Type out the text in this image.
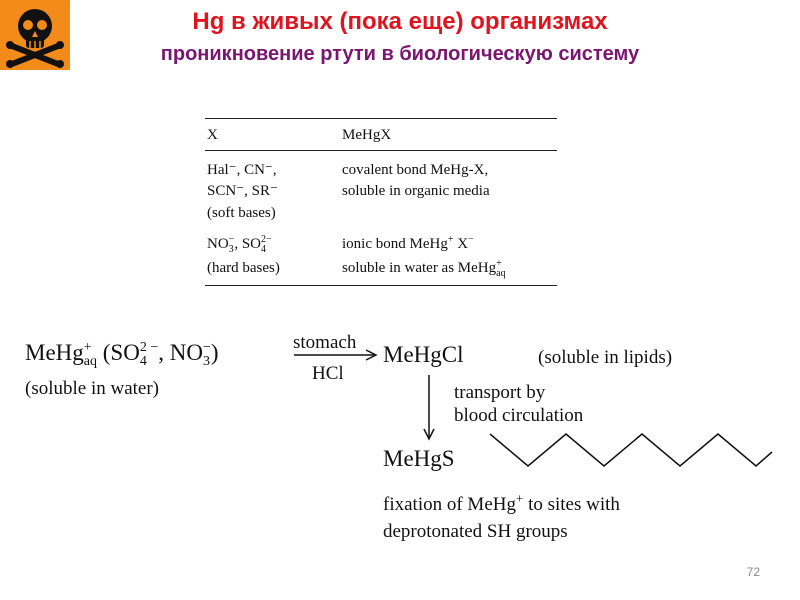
Hg в живых (пока еще) организмах
проникновение ртути в биологическую систему
X	MeHgX
Hal⁻, CN⁻,
SCN⁻, SR⁻
(soft bases)
covalent bond MeHg-X,
soluble in organic media
NO −
3 , SO 2−
4
(hard bases)
ionic bond MeHg+ X−
soluble in water as MeHg +
aq
MeHg +
aq (SO 2 −
4 , NO −
3 )
(soluble in water)
stomach
HCl
MeHgCl	(soluble in lipids)
transport by
blood circulation
MeHgS
fixation of MeHg+ to sites with
deprotonated SH groups
72
